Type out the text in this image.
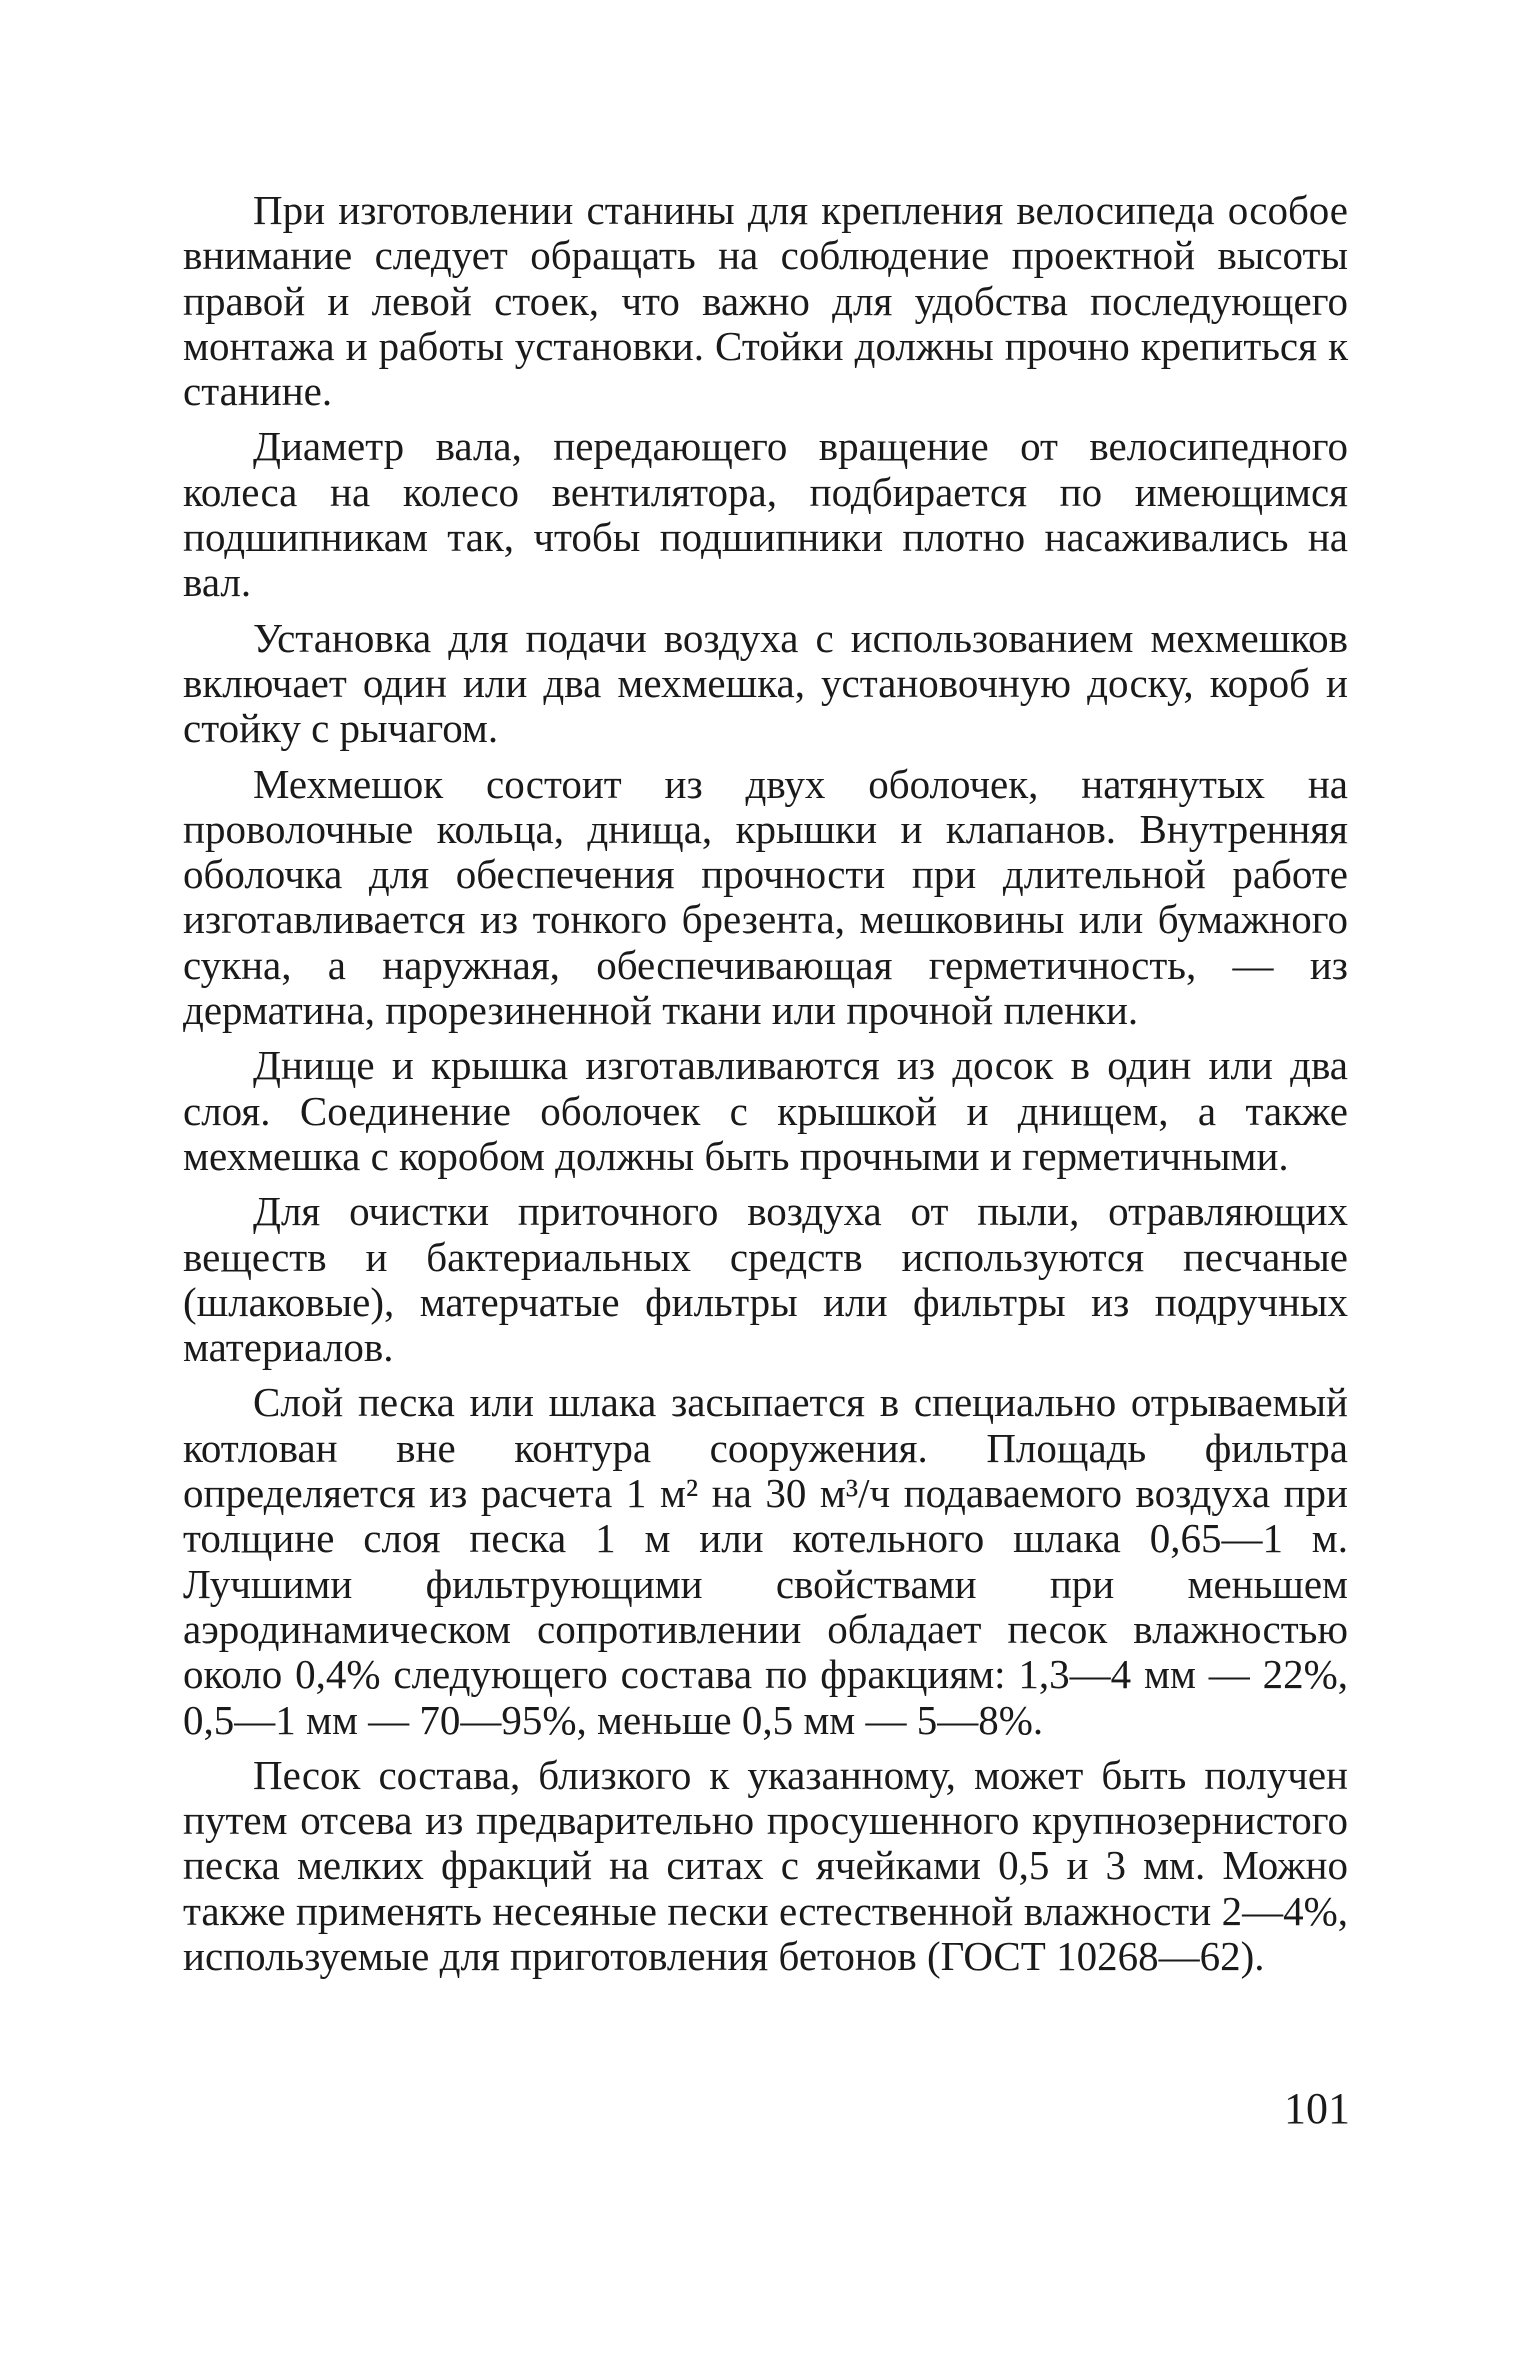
При изготовлении станины для крепления велосипеда особое внимание следует обращать на соблюдение проектной высоты правой и левой стоек, что важно для удобства последующего монтажа и работы установки. Стойки должны прочно крепиться к станине.

Диаметр вала, передающего вращение от велосипедного колеса на колесо вентилятора, подбирается по имеющимся подшипникам так, чтобы подшипники плотно насаживались на вал.

Установка для подачи воздуха с использованием мехмешков включает один или два мехмешка, установочную доску, короб и стойку с рычагом.

Мехмешок состоит из двух оболочек, натянутых на проволочные кольца, днища, крышки и клапанов. Внутренняя оболочка для обеспечения прочности при длительной работе изготавливается из тонкого брезента, мешковины или бумажного сукна, а наружная, обеспечивающая герметичность, — из дерматина, прорезиненной ткани или прочной пленки.

Днище и крышка изготавливаются из досок в один или два слоя. Соединение оболочек с крышкой и днищем, а также мехмешка с коробом должны быть прочными и герметичными.

Для очистки приточного воздуха от пыли, отравляющих веществ и бактериальных средств используются песчаные (шлаковые), матерчатые фильтры или фильтры из подручных материалов.

Слой песка или шлака засыпается в специально отрываемый котлован вне контура сооружения. Площадь фильтра определяется из расчета 1 м² на 30 м³/ч подаваемого воздуха при толщине слоя песка 1 м или котельного шлака 0,65—1 м. Лучшими фильтрующими свойствами при меньшем аэродинамическом сопротивлении обладает песок влажностью около 0,4% следующего состава по фракциям: 1,3—4 мм — 22%, 0,5—1 мм — 70—95%, меньше 0,5 мм — 5—8%.

Песок состава, близкого к указанному, может быть получен путем отсева из предварительно просушенного крупнозернистого песка мелких фракций на ситах с ячейками 0,5 и 3 мм. Можно также применять несеяные пески естественной влажности 2—4%, используемые для приготовления бетонов (ГОСТ 10268—62).

101
